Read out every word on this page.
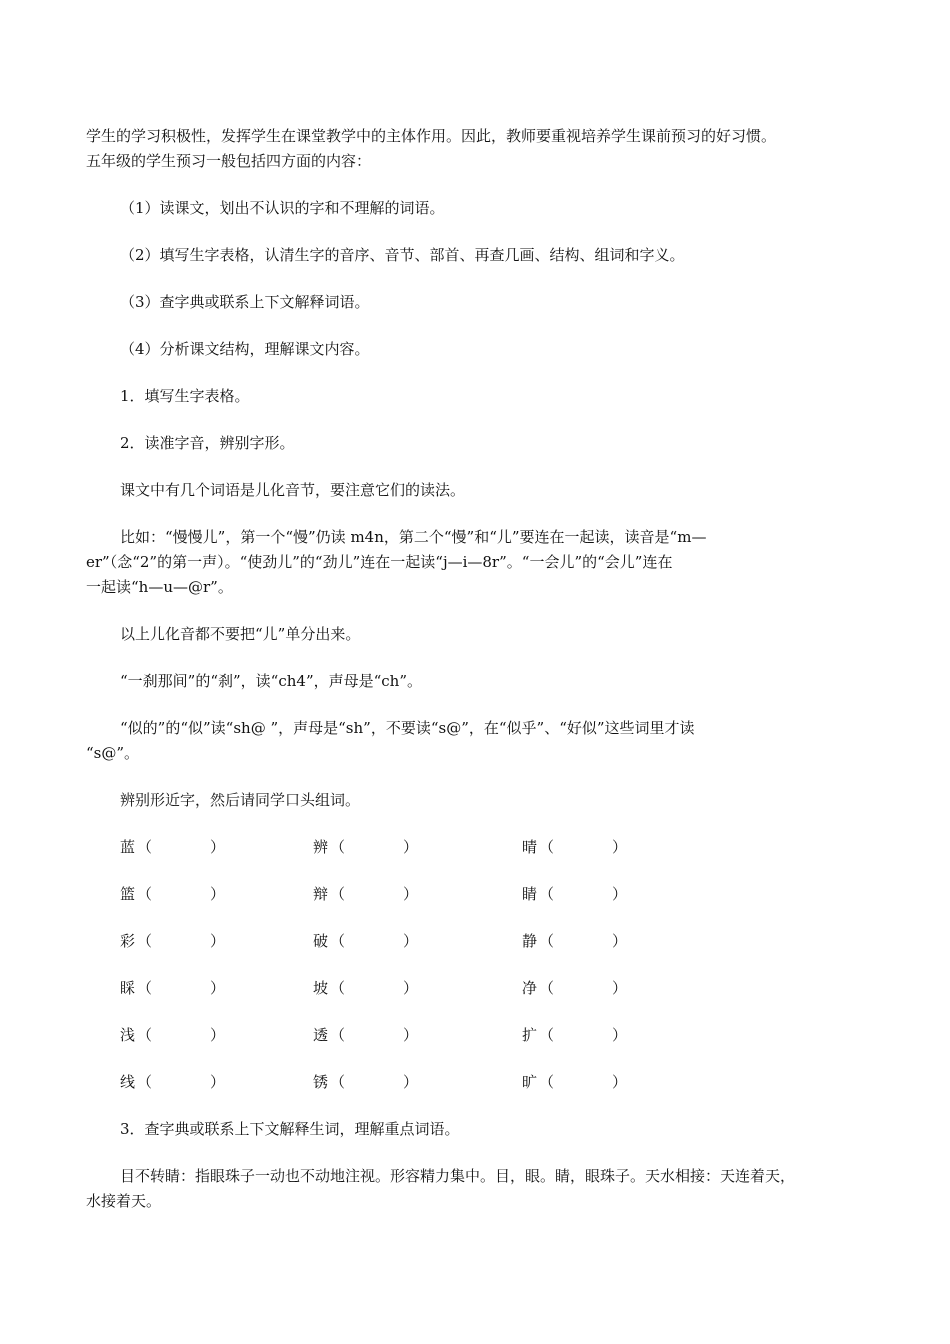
学生的学习积极性，发挥学生在课堂教学中的主体作用。因此，教师要重视培养学生课前预习的好习惯。
五年级的学生预习一般包括四方面的内容：
（1）读课文，划出不认识的字和不理解的词语。
（2）填写生字表格，认清生字的音序、音节、部首、再查几画、结构、组词和字义。
（3）查字典或联系上下文解释词语。
（4）分析课文结构，理解课文内容。
1．填写生字表格。
2．读准字音，辨别字形。
课文中有几个词语是儿化音节，要注意它们的读法。
比如：“慢慢儿”，第一个“慢”仍读 m4n，第二个“慢”和“儿”要连在一起读，读音是“m—
er”（念“2”的第一声）。“使劲儿”的“劲儿”连在一起读“j—i—8r”。“一会儿”的“会儿”连在
一起读“h—u—@r”。
以上儿化音都不要把“儿”单分出来。
“一刹那间”的“刹”，读“ch4”，声母是“ch”。
“似的”的“似”读“sh@ ”，声母是“sh”，不要读“s@”，在“似乎”、“好似”这些词里才读
“s@”。
辨别形近字，然后请同学口头组词。
蓝 （	）	辨 （	）	晴 （	）
篮 （	）	辩 （	）	睛 （	）
彩 （	）	破 （	）	静 （	）
睬 （	）	坡 （	）	净 （	）
浅 （	）	透 （	）	扩 （	）
线 （	）	锈 （	）	旷 （	）
3．查字典或联系上下文解释生词，理解重点词语。
目不转睛：指眼珠子一动也不动地注视。形容精力集中。目，眼。睛，眼珠子。天水相接：天连着天，
水接着天。
